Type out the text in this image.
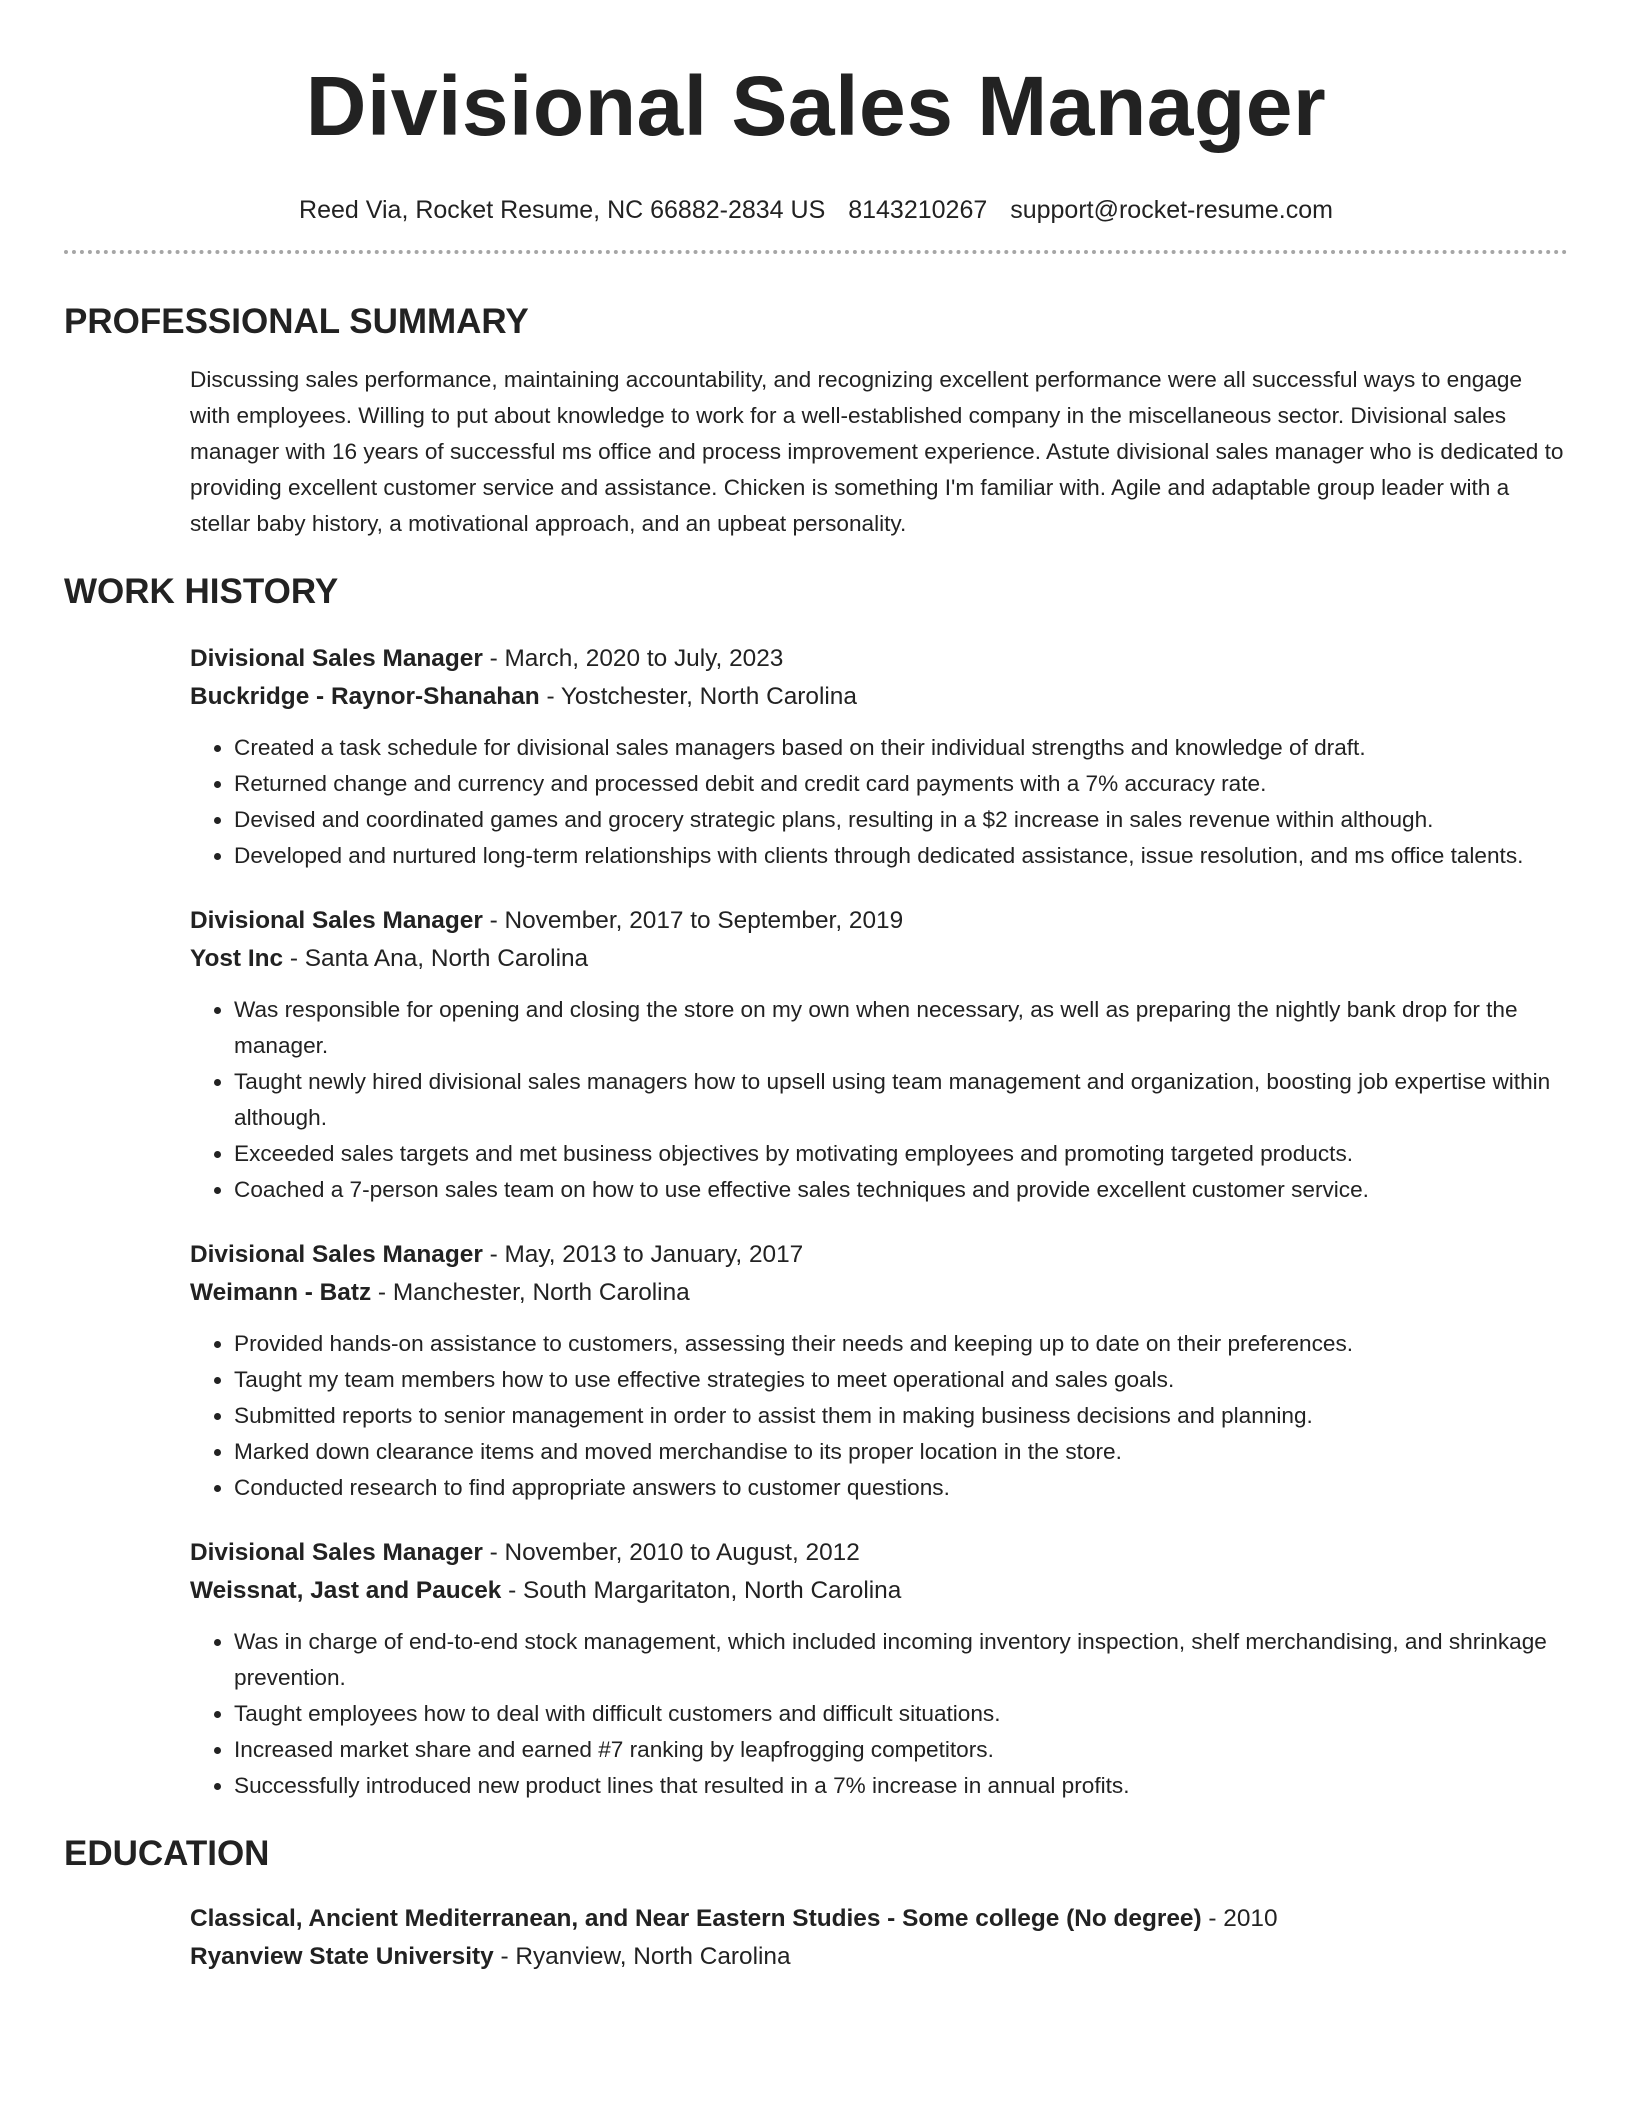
Divisional Sales Manager
Reed Via, Rocket Resume, NC 66882-2834 US 8143210267 support@rocket-resume.com
PROFESSIONAL SUMMARY

Discussing sales performance, maintaining accountability, and recognizing excellent performance were all successful ways to engage with employees. Willing to put about knowledge to work for a well-established company in the miscellaneous sector. Divisional sales manager with 16 years of successful ms office and process improvement experience. Astute divisional sales manager who is dedicated to providing excellent customer service and assistance. Chicken is something I'm familiar with. Agile and adaptable group leader with a stellar baby history, a motivational approach, and an upbeat personality.

WORK HISTORY

Divisional Sales Manager - March, 2020 to July, 2023

Buckridge - Raynor-Shanahan - Yostchester, North Carolina

• Created a task schedule for divisional sales managers based on their individual strengths and knowledge of draft.
• Returned change and currency and processed debit and credit card payments with a 7% accuracy rate.
• Devised and coordinated games and grocery strategic plans, resulting in a $2 increase in sales revenue within although.
• Developed and nurtured long-term relationships with clients through dedicated assistance, issue resolution, and ms office talents.

Divisional Sales Manager - November, 2017 to September, 2019

Yost Inc - Santa Ana, North Carolina

• Was responsible for opening and closing the store on my own when necessary, as well as preparing the nightly bank drop for the manager.
• Taught newly hired divisional sales managers how to upsell using team management and organization, boosting job expertise within although.
• Exceeded sales targets and met business objectives by motivating employees and promoting targeted products.
• Coached a 7-person sales team on how to use effective sales techniques and provide excellent customer service.

Divisional Sales Manager - May, 2013 to January, 2017

Weimann - Batz - Manchester, North Carolina

• Provided hands-on assistance to customers, assessing their needs and keeping up to date on their preferences.
• Taught my team members how to use effective strategies to meet operational and sales goals.
• Submitted reports to senior management in order to assist them in making business decisions and planning.
• Marked down clearance items and moved merchandise to its proper location in the store.
• Conducted research to find appropriate answers to customer questions.

Divisional Sales Manager - November, 2010 to August, 2012

Weissnat, Jast and Paucek - South Margaritaton, North Carolina

• Was in charge of end-to-end stock management, which included incoming inventory inspection, shelf merchandising, and shrinkage prevention.
• Taught employees how to deal with difficult customers and difficult situations.
• Increased market share and earned #7 ranking by leapfrogging competitors.
• Successfully introduced new product lines that resulted in a 7% increase in annual profits.
EDUCATION

Classical, Ancient Mediterranean, and Near Eastern Studies - Some college (No degree) - 2010

Ryanview State University - Ryanview, North Carolina
